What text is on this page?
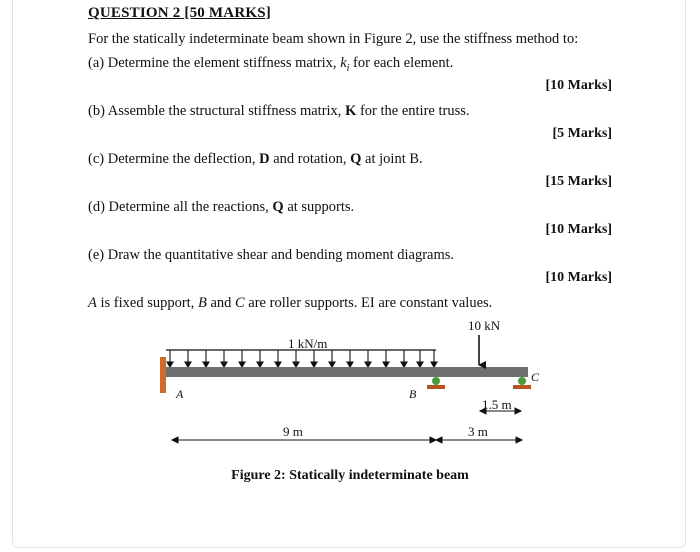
QUESTION 2 [50 MARKS]
For the statically indeterminate beam shown in Figure 2, use the stiffness method to:
(a) Determine the element stiffness matrix, $k_i$ for each element.
[10 Marks]
(b) Assemble the structural stiffness matrix, K for the entire truss.
[5 Marks]
(c) Determine the deflection, D and rotation, Q at joint B.
[15 Marks]
(d) Determine all the reactions, Q at supports.
[10 Marks]
(e) Draw the quantitative shear and bending moment diagrams.
[10 Marks]
A is fixed support, B and C are roller supports. EI are constant values.
1 kN/m
10 kN
A	B
C
1.5 m
9 m	3 m
Figure 2: Statically indeterminate beam
